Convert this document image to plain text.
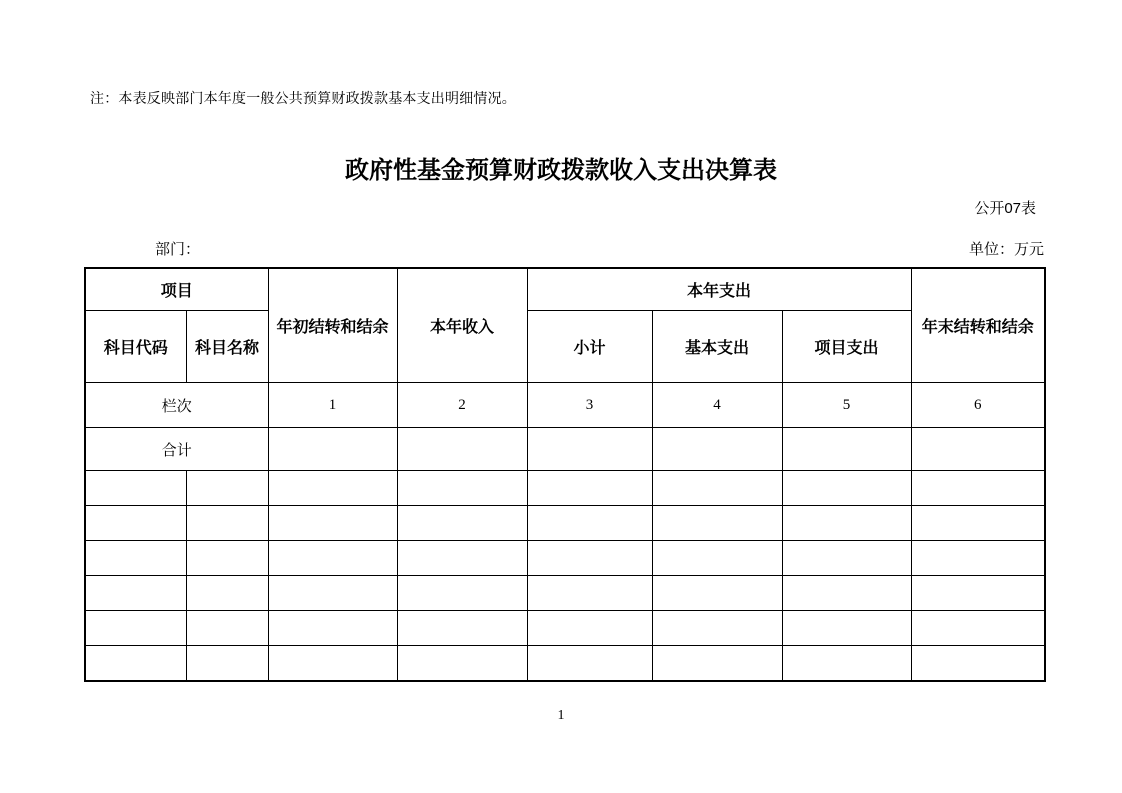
注：本表反映部门本年度一般公共预算财政拨款基本支出明细情况。
政府性基金预算财政拨款收入支出决算表
公开07表
部门：	单位：万元
项目		年初结转和结余	本年收入	本年支出			年末结转和结余
科目代码	科目名称			小计	基本支出	项目支出	
栏次		1	2	3	4	5	6
合计							

1
